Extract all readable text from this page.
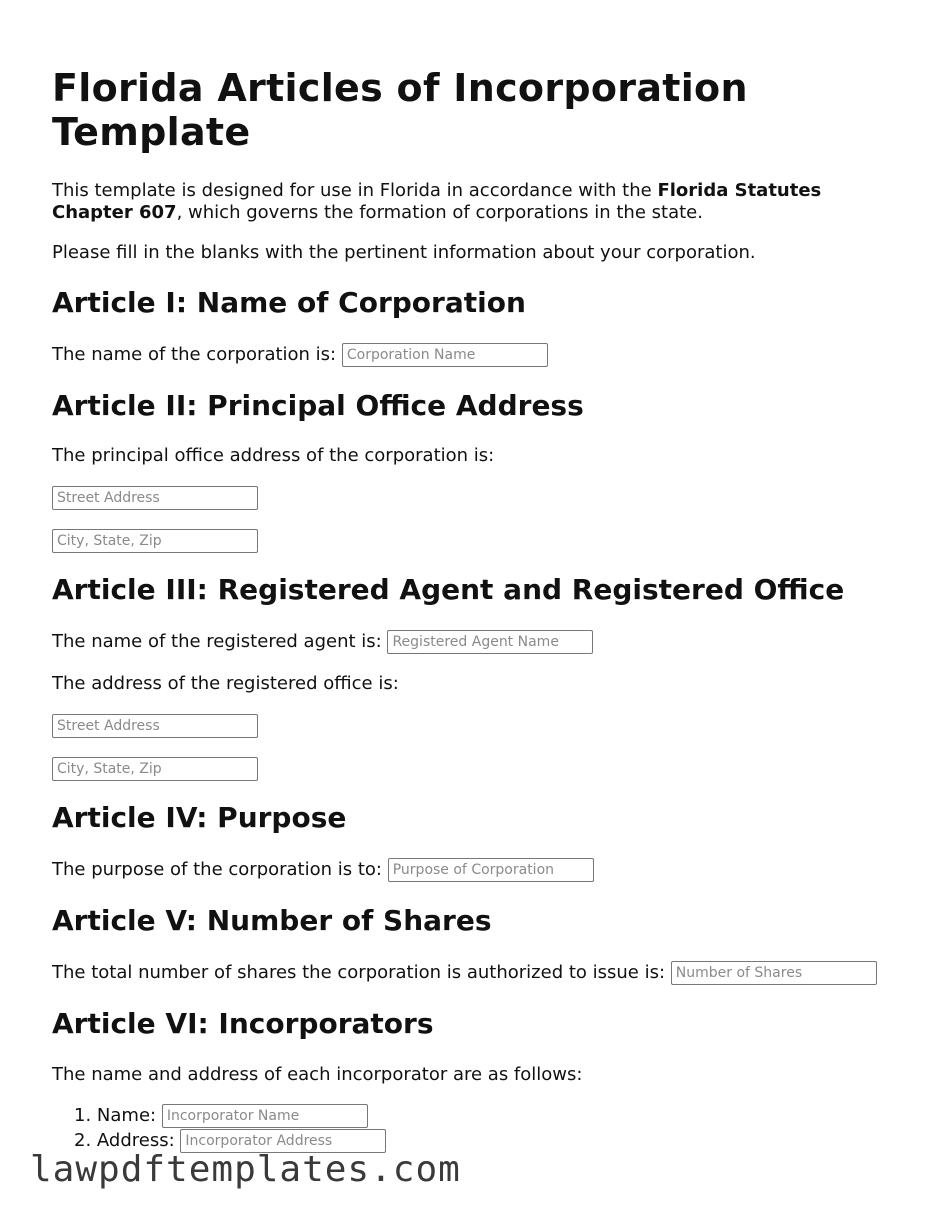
Florida Articles of Incorporation Template

This template is designed for use in Florida in accordance with the Florida Statutes Chapter 607, which governs the formation of corporations in the state.

Please fill in the blanks with the pertinent information about your corporation.

Article I: Name of Corporation

The name of the corporation is: Corporation Name

Article II: Principal Office Address

The principal office address of the corporation is:

Street Address
City, State, Zip
Article III: Registered Agent and Registered Office

The name of the registered agent is: Registered Agent Name

The address of the registered office is:

Street Address
City, State, Zip
Article IV: Purpose

The purpose of the corporation is to: Purpose of Corporation

Article V: Number of Shares

The total number of shares the corporation is authorized to issue is: Number of Shares

Article VI: Incorporators

The name and address of each incorporator are as follows:

1. Name: Incorporator Name

2. Address: Incorporator Address

lawpdftemplates.com
